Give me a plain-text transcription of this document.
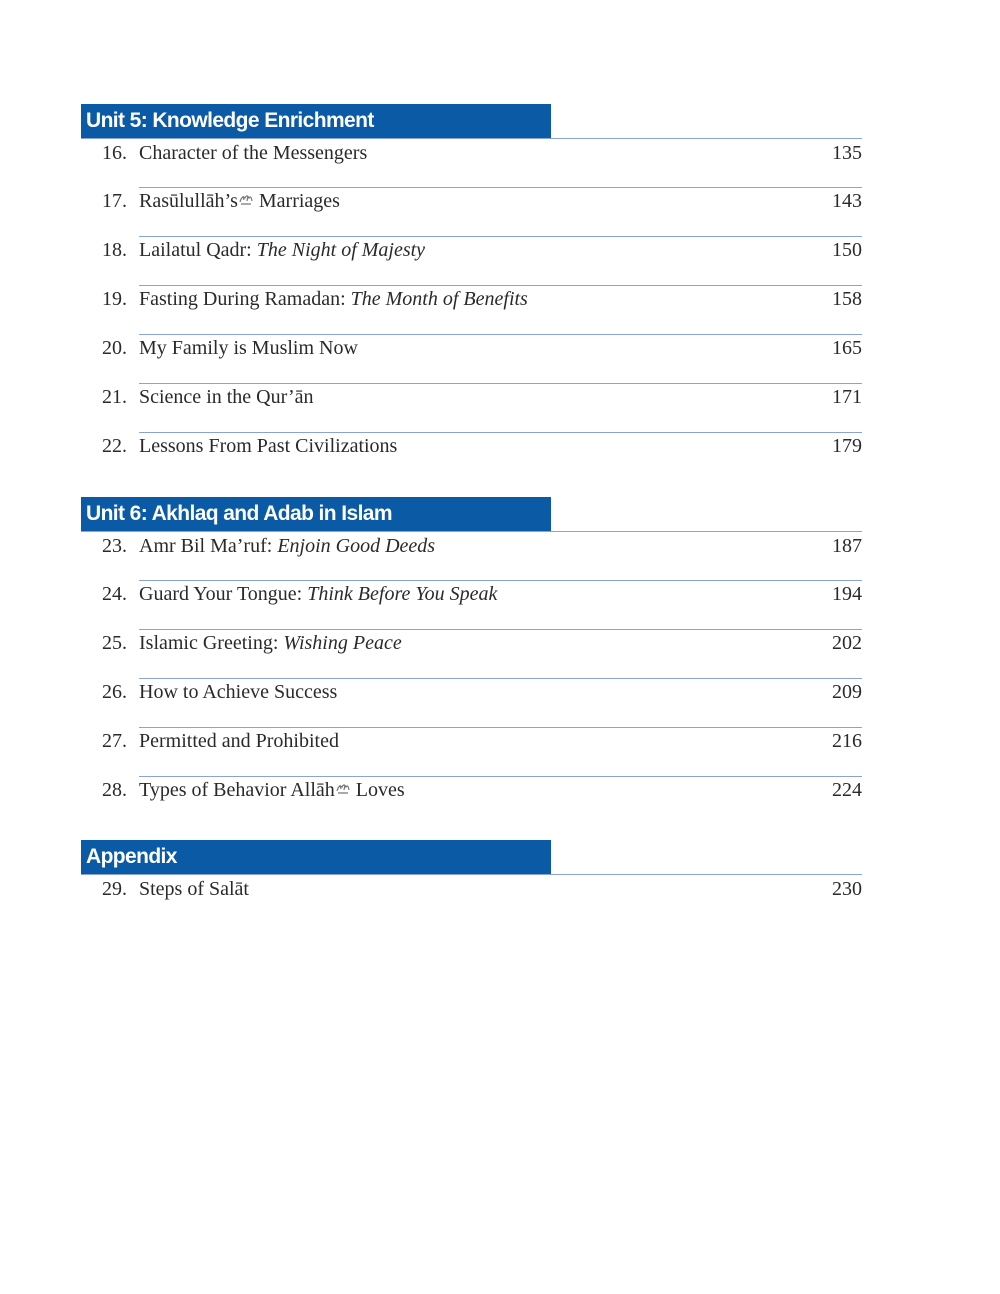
Unit 5: Knowledge Enrichment
16. Character of the Messengers	135
17. Rasūlullāh’s
Marriages	143
18. Lailatul Qadr: The Night of Majesty	150
19. Fasting During Ramadan: The Month of Benefits	158
20. My Family is Muslim Now	165
21. Science in the Qur’ān	171
22. Lessons From Past Civilizations	179
Unit 6: Akhlaq and Adab in Islam
23. Amr Bil Ma’ruf: Enjoin Good Deeds	187
24. Guard Your Tongue: Think Before You Speak	194
25. Islamic Greeting: Wishing Peace	202
26. How to Achieve Success	209
27. Permitted and Prohibited	216
28. Types of Behavior Allāh
Loves	224
Appendix
29. Steps of Salāt	230
